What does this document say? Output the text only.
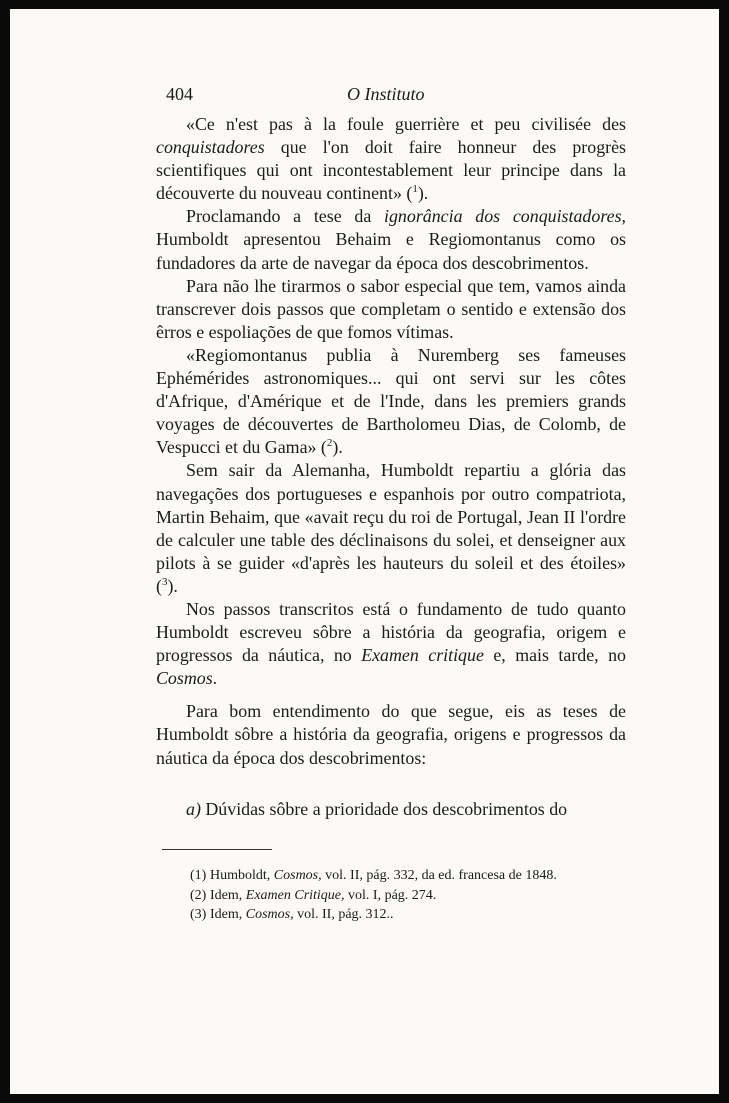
404	O Instituto

«Ce n'est pas à la foule guerrière et peu civilisée des conquistadores que l'on doit faire honneur des progrès scientifiques qui ont incontestablement leur principe dans la découverte du nouveau continent» ($^1$).

Proclamando a tese da ignorância dos conquistadores, Humboldt apresentou Behaim e Regiomontanus como os fundadores da arte de navegar da época dos descobrimentos.

Para não lhe tirarmos o sabor especial que tem, vamos ainda transcrever dois passos que completam o sentido e extensão dos êrros e espoliações de que fomos vítimas.

«Regiomontanus publia à Nuremberg ses fameuses Ephémérides astronomiques... qui ont servi sur les côtes d'Afrique, d'Amérique et de l'Inde, dans les premiers grands voyages de découvertes de Bartholomeu Dias, de Colomb, de Vespucci et du Gama» ($^2$).

Sem sair da Alemanha, Humboldt repartiu a glória das navegações dos portugueses e espanhois por outro compatriota, Martin Behaim, que «avait reçu du roi de Portugal, Jean II l'ordre de calculer une table des déclinaisons du solei, et denseigner aux pilots à se guider «d'après les hauteurs du soleil et des étoiles» ($^3$).

Nos passos transcritos está o fundamento de tudo quanto Humboldt escreveu sôbre a história da geografia, origem e progressos da náutica, no Examen critique e, mais tarde, no Cosmos.

Para bom entendimento do que segue, eis as teses de Humboldt sôbre a história da geografia, origens e progressos da náutica da época dos descobrimentos:

a) Dúvidas sôbre a prioridade dos descobrimentos do

(1) Humboldt, Cosmos, vol. II, pág. 332, da ed. francesa de 1848.
(2) Idem, Examen Critique, vol. I, pág. 274.
(3) Idem, Cosmos, vol. II, pág. 312..
